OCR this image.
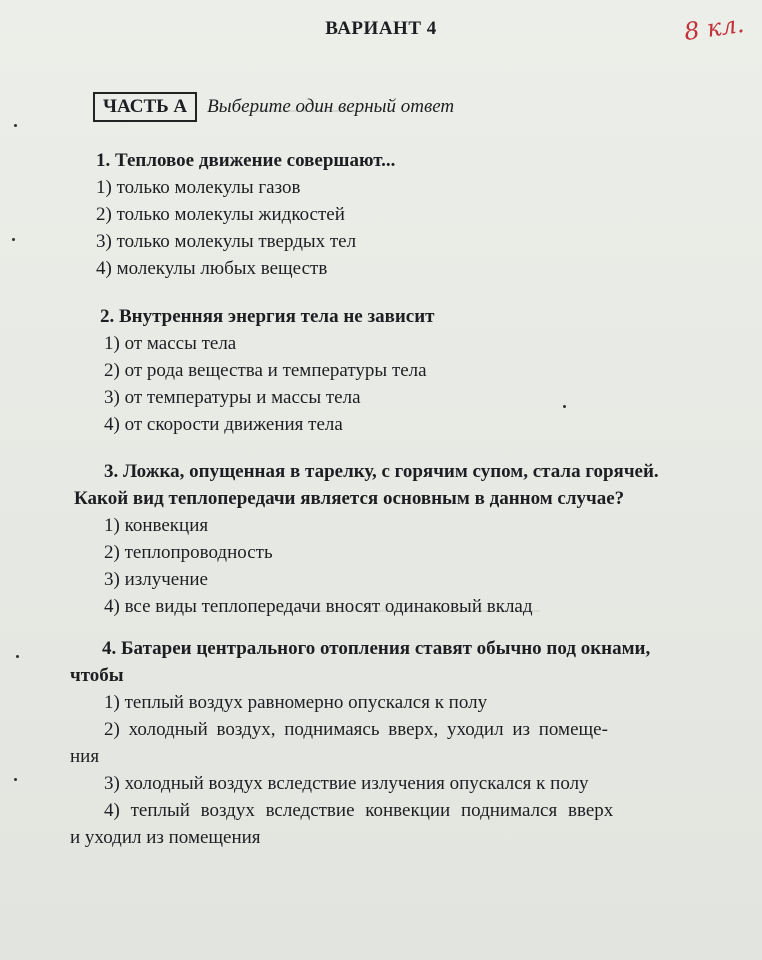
ВАРИАНТ 4	8 кл.
ЧАСТЬ А	Выберите один верный ответ
1. Тепловое движение совершают...
1) только молекулы газов
2) только молекулы жидкостей
3) только молекулы твердых тел
4) молекулы любых веществ
2. Внутренняя энергия тела не зависит
1) от массы тела
2) от рода вещества и температуры тела
3) от температуры и массы тела
4) от скорости движения тела
3. Ложка, опущенная в тарелку, с горячим супом, стала горячей.
Какой вид теплопередачи является основным в данном случае?
1) конвекция
2) теплопроводность
3) излучение
4) все виды теплопередачи вносят одинаковый вклад
4. Батареи центрального отопления ставят обычно под окнами,
чтобы
1) теплый воздух равномерно опускался к полу
2) холодный воздух, поднимаясь вверх, уходил из помеще-
ния
3) холодный воздух вследствие излучения опускался к полу
4) теплый воздух вследствие конвекции поднимался вверх
и уходил из помещения
